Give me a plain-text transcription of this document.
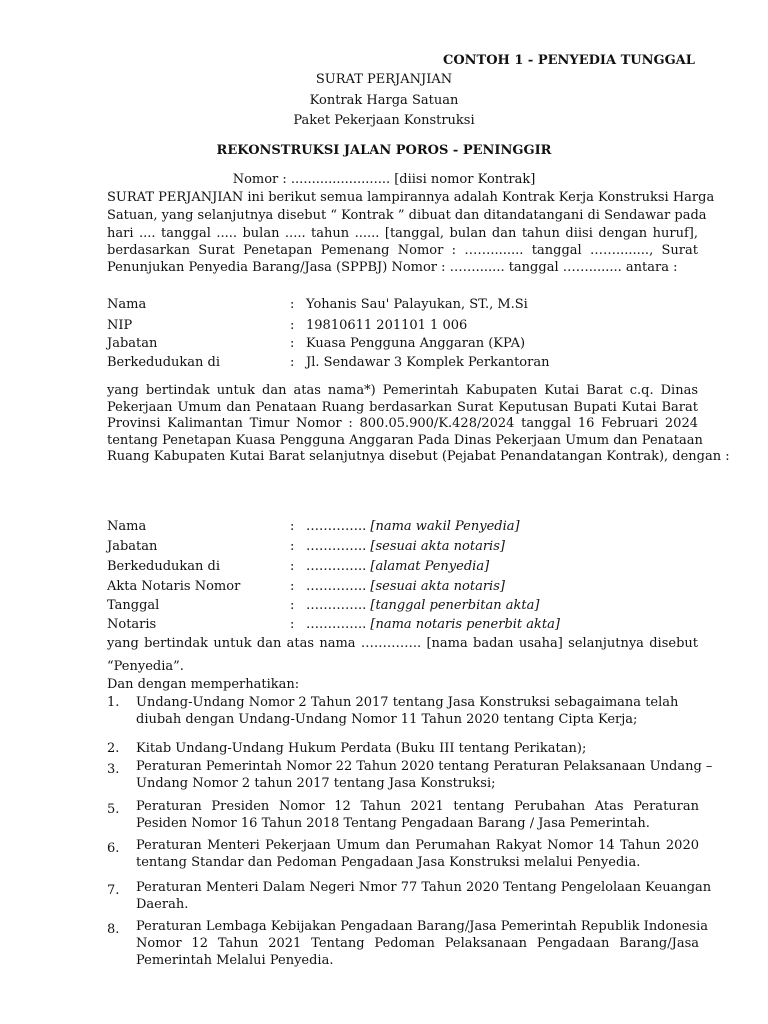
CONTOH 1 - PENYEDIA TUNGGAL
SURAT PERJANJIAN
Kontrak Harga Satuan
Paket Pekerjaan Konstruksi
REKONSTRUKSI JALAN POROS - PENINGGIR
Nomor : ........................ [diisi nomor Kontrak]
SURAT PERJANJIAN ini berikut semua lampirannya adalah Kontrak Kerja Konstruksi Harga
Satuan, yang selanjutnya disebut “ Kontrak ” dibuat dan ditandatangani di Sendawar pada
hari .... tanggal ..... bulan ..... tahun ...... [tanggal, bulan dan tahun diisi dengan huruf],
berdasarkan Surat Penetapan Pemenang Nomor : ……........ tanggal ……........, Surat
Penunjukan Penyedia Barang/Jasa (SPPBJ) Nomor : ……....... tanggal ……........ antara :
Nama	: Yohanis Sau' Palayukan, ST., M.Si
NIP	: 19810611 201101 1 006
Jabatan	: Kuasa Pengguna Anggaran (KPA)
Berkedudukan di	: Jl. Sendawar 3 Komplek Perkantoran
yang bertindak untuk dan atas nama*) Pemerintah Kabupaten Kutai Barat c.q. Dinas
Pekerjaan Umum dan Penataan Ruang berdasarkan Surat Keputusan Bupati Kutai Barat
Provinsi Kalimantan Timur Nomor : 800.05.900/K.428/2024 tanggal 16 Februari 2024
tentang Penetapan Kuasa Pengguna Anggaran Pada Dinas Pekerjaan Umum dan Penataan
Ruang Kabupaten Kutai Barat selanjutnya disebut (Pejabat Penandatangan Kontrak), dengan :
Nama	: ………….. [nama wakil Penyedia]
Jabatan	: ………….. [sesuai akta notaris]
Berkedudukan di	: ………….. [alamat Penyedia]
Akta Notaris Nomor	: ………….. [sesuai akta notaris]
Tanggal	: ………….. [tanggal penerbitan akta]
Notaris	: ………….. [nama notaris penerbit akta]
yang bertindak untuk dan atas nama ………….. [nama badan usaha] selanjutnya disebut
“Penyedia”.
Dan dengan memperhatikan:
1. Undang-Undang Nomor 2 Tahun 2017 tentang Jasa Konstruksi sebagaimana telah
diubah dengan Undang-Undang Nomor 11 Tahun 2020 tentang Cipta Kerja;
2. Kitab Undang-Undang Hukum Perdata (Buku III tentang Perikatan);
3. Peraturan Pemerintah Nomor 22 Tahun 2020 tentang Peraturan Pelaksanaan Undang –
Undang Nomor 2 tahun 2017 tentang Jasa Konstruksi;
5. Peraturan Presiden Nomor 12 Tahun 2021 tentang Perubahan Atas Peraturan
Pesiden Nomor 16 Tahun 2018 Tentang Pengadaan Barang / Jasa Pemerintah.
6. Peraturan Menteri Pekerjaan Umum dan Perumahan Rakyat Nomor 14 Tahun 2020
tentang Standar dan Pedoman Pengadaan Jasa Konstruksi melalui Penyedia.
7. Peraturan Menteri Dalam Negeri Nmor 77 Tahun 2020 Tentang Pengelolaan Keuangan
Daerah.
8. Peraturan Lembaga Kebijakan Pengadaan Barang/Jasa Pemerintah Republik Indonesia
Nomor 12 Tahun 2021 Tentang Pedoman Pelaksanaan Pengadaan Barang/Jasa
Pemerintah Melalui Penyedia.
